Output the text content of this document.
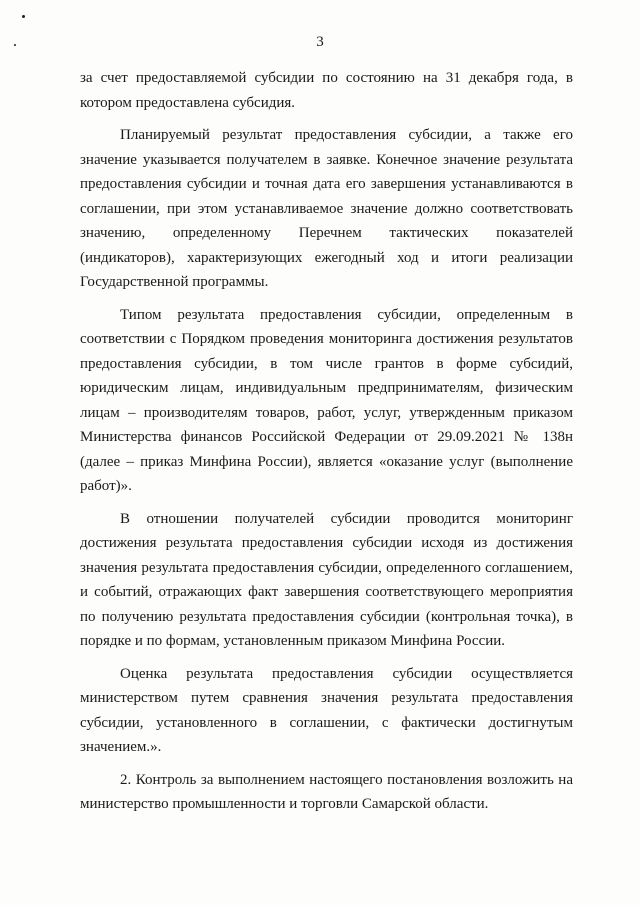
3

за счет предоставляемой субсидии по состоянию на 31 декабря года, в котором предоставлена субсидия.

Планируемый результат предоставления субсидии, а также его значение указывается получателем в заявке. Конечное значение результата предоставления субсидии и точная дата его завершения устанавливаются в соглашении, при этом устанавливаемое значение должно соответствовать значению, определенному Перечнем тактических показателей (индикаторов), характеризующих ежегодный ход и итоги реализации Государственной программы.

Типом результата предоставления субсидии, определенным в соответствии с Порядком проведения мониторинга достижения результатов предоставления субсидии, в том числе грантов в форме субсидий, юридическим лицам, индивидуальным предпринимателям, физическим лицам – производителям товаров, работ, услуг, утвержденным приказом Министерства финансов Российской Федерации от 29.09.2021 № 138н (далее – приказ Минфина России), является «оказание услуг (выполнение работ)».

В отношении получателей субсидии проводится мониторинг достижения результата предоставления субсидии исходя из достижения значения результата предоставления субсидии, определенного соглашением, и событий, отражающих факт завершения соответствующего мероприятия по получению результата предоставления субсидии (контрольная точка), в порядке и по формам, установленным приказом Минфина России.

Оценка результата предоставления субсидии осуществляется министерством путем сравнения значения результата предоставления субсидии, установленного в соглашении, с фактически достигнутым значением.».

2. Контроль за выполнением настоящего постановления возложить на министерство промышленности и торговли Самарской области.
